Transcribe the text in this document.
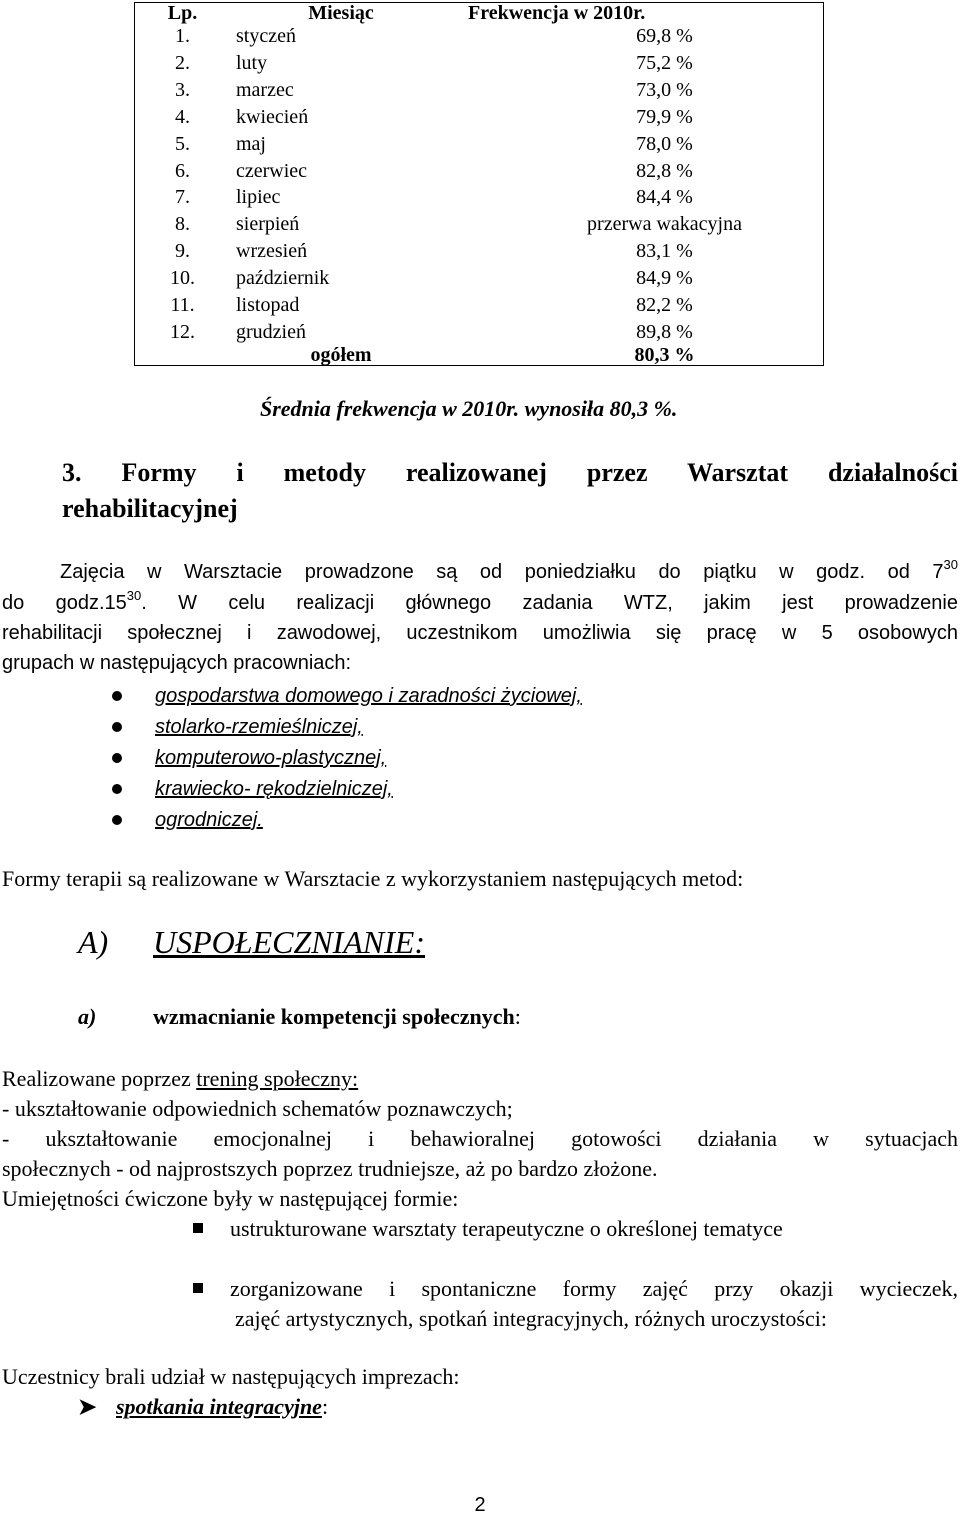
Lp.	Miesiąc	Frekwencja w 2010r.
1.	styczeń	69,8 %
2.	luty	75,2 %
3.	marzec	73,0 %
4.	kwiecień	79,9 %
5.	maj	78,0 %
6.	czerwiec	82,8 %
7.	lipiec	84,4 %
8.	sierpień	przerwa wakacyjna
9.	wrzesień	83,1 %
10.	październik	84,9 %
11.	listopad	82,2 %
12.	grudzień	89,8 %
	ogółem	80,3 %
Średnia frekwencja w 2010r. wynosiła 80,3 %.
3. Formy i metody realizowanej przez Warsztat działalności
rehabilitacyjnej
Zajęcia w Warsztacie prowadzone są od poniedziałku do piątku w godz. od $7^{30}$
do $godz.15^{30}$. W celu realizacji głównego zadania WTZ, jakim jest prowadzenie
rehabilitacji społecznej i zawodowej, uczestnikom umożliwia się pracę w 5 osobowych
grupach w następujących pracowniach:
gospodarstwa domowego i zaradności życiowej,
stolarko-rzemieślniczej,
komputerowo-plastycznej,
krawiecko- rękodzielniczej,
ogrodniczej.
Formy terapii są realizowane w Warsztacie z wykorzystaniem następujących metod:
A) USPOŁECZNIANIE:
a)	wzmacnianie kompetencji społecznych:
Realizowane poprzez trening społeczny:
- ukształtowanie odpowiednich schematów poznawczych;
- ukształtowanie emocjonalnej i behawioralnej gotowości działania w sytuacjach
społecznych - od najprostszych poprzez trudniejsze, aż po bardzo złożone.
Umiejętności ćwiczone były w następującej formie:
ustrukturowane warsztaty terapeutyczne o określonej tematyce
zorganizowane i spontaniczne formy zajęć przy okazji wycieczek,
zajęć artystycznych, spotkań integracyjnych, różnych uroczystości:
Uczestnicy brali udział w następujących imprezach:
➤ spotkania integracyjne:
2
